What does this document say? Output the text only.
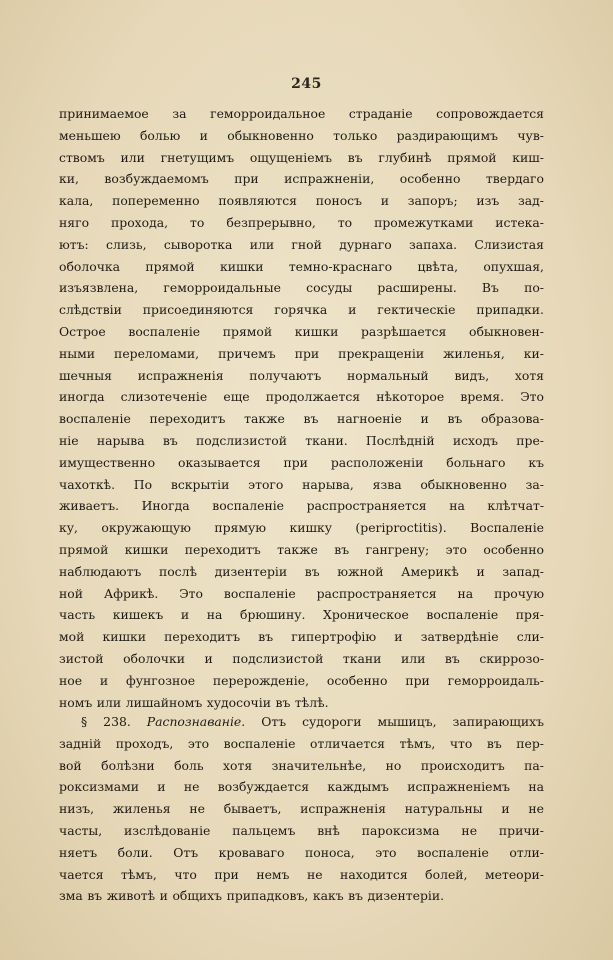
245
принимаемое за геморроидальное страданіе сопровождается
меньшею болью и обыкновенно только раздирающимъ чув-
ствомъ или гнетущимъ ощущеніемъ въ глубинѣ прямой киш-
ки, возбуждаемомъ при испражненіи, особенно твердаго
кала, попеременно появляются поносъ и запоръ; изъ зад-
няго прохода, то безпрерывно, то промежутками истека-
ютъ: слизь, сыворотка или гной дурнаго запаха. Слизистая
оболочка прямой кишки темно-краснаго цвѣта, опухшая,
изъязвлена, геморроидальные сосуды расширены. Въ по-
слѣдствіи присоединяются горячка и гектическіе припадки.
Острое воспаленіе прямой кишки разрѣшается обыкновен-
ными переломами, причемъ при прекращеніи жиленья, ки-
шечныя испражненія получаютъ нормальный видъ, хотя
иногда слизотеченіе еще продолжается нѣкоторое время. Это
воспаленіе переходитъ также въ нагноеніе и въ образова-
ніе нарыва въ подслизистой ткани. Послѣдній исходъ пре-
имущественно оказывается при расположеніи больнаго къ
чахоткѣ. По вскрытіи этого нарыва, язва обыкновенно за-
живаетъ. Иногда воспаленіе распространяется на клѣтчат-
ку, окружающую прямую кишку (periproctitis). Воспаленіе
прямой кишки переходитъ также въ гангрену; это особенно
наблюдаютъ послѣ дизентеріи въ южной Америкѣ и запад-
ной Африкѣ. Это воспаленіе распространяется на прочую
часть кишекъ и на брюшину. Хроническое воспаленіе пря-
мой кишки переходитъ въ гипертрофію и затвердѣніе сли-
зистой оболочки и подслизистой ткани или въ скиррозо-
ное и фунгозное перерожденіе, особенно при геморроидаль-
номъ или лишайномъ худосочіи въ тѣлѣ.
§ 238. Распознаваніе. Отъ судороги мышицъ, запирающихъ
задній проходъ, это воспаленіе отличается тѣмъ, что въ пер-
вой болѣзни боль хотя значительнѣе, но происходитъ па-
роксизмами и не возбуждается каждымъ испражненіемъ на
низъ, жиленья не бываетъ, испражненія натуральны и не
часты, изслѣдованіе пальцемъ внѣ пароксизма не причи-
няетъ боли. Отъ кроваваго поноса, это воспаленіе отли-
чается тѣмъ, что при немъ не находится болей, метеори-
зма въ животѣ и общихъ припадковъ, какъ въ дизентеріи.
